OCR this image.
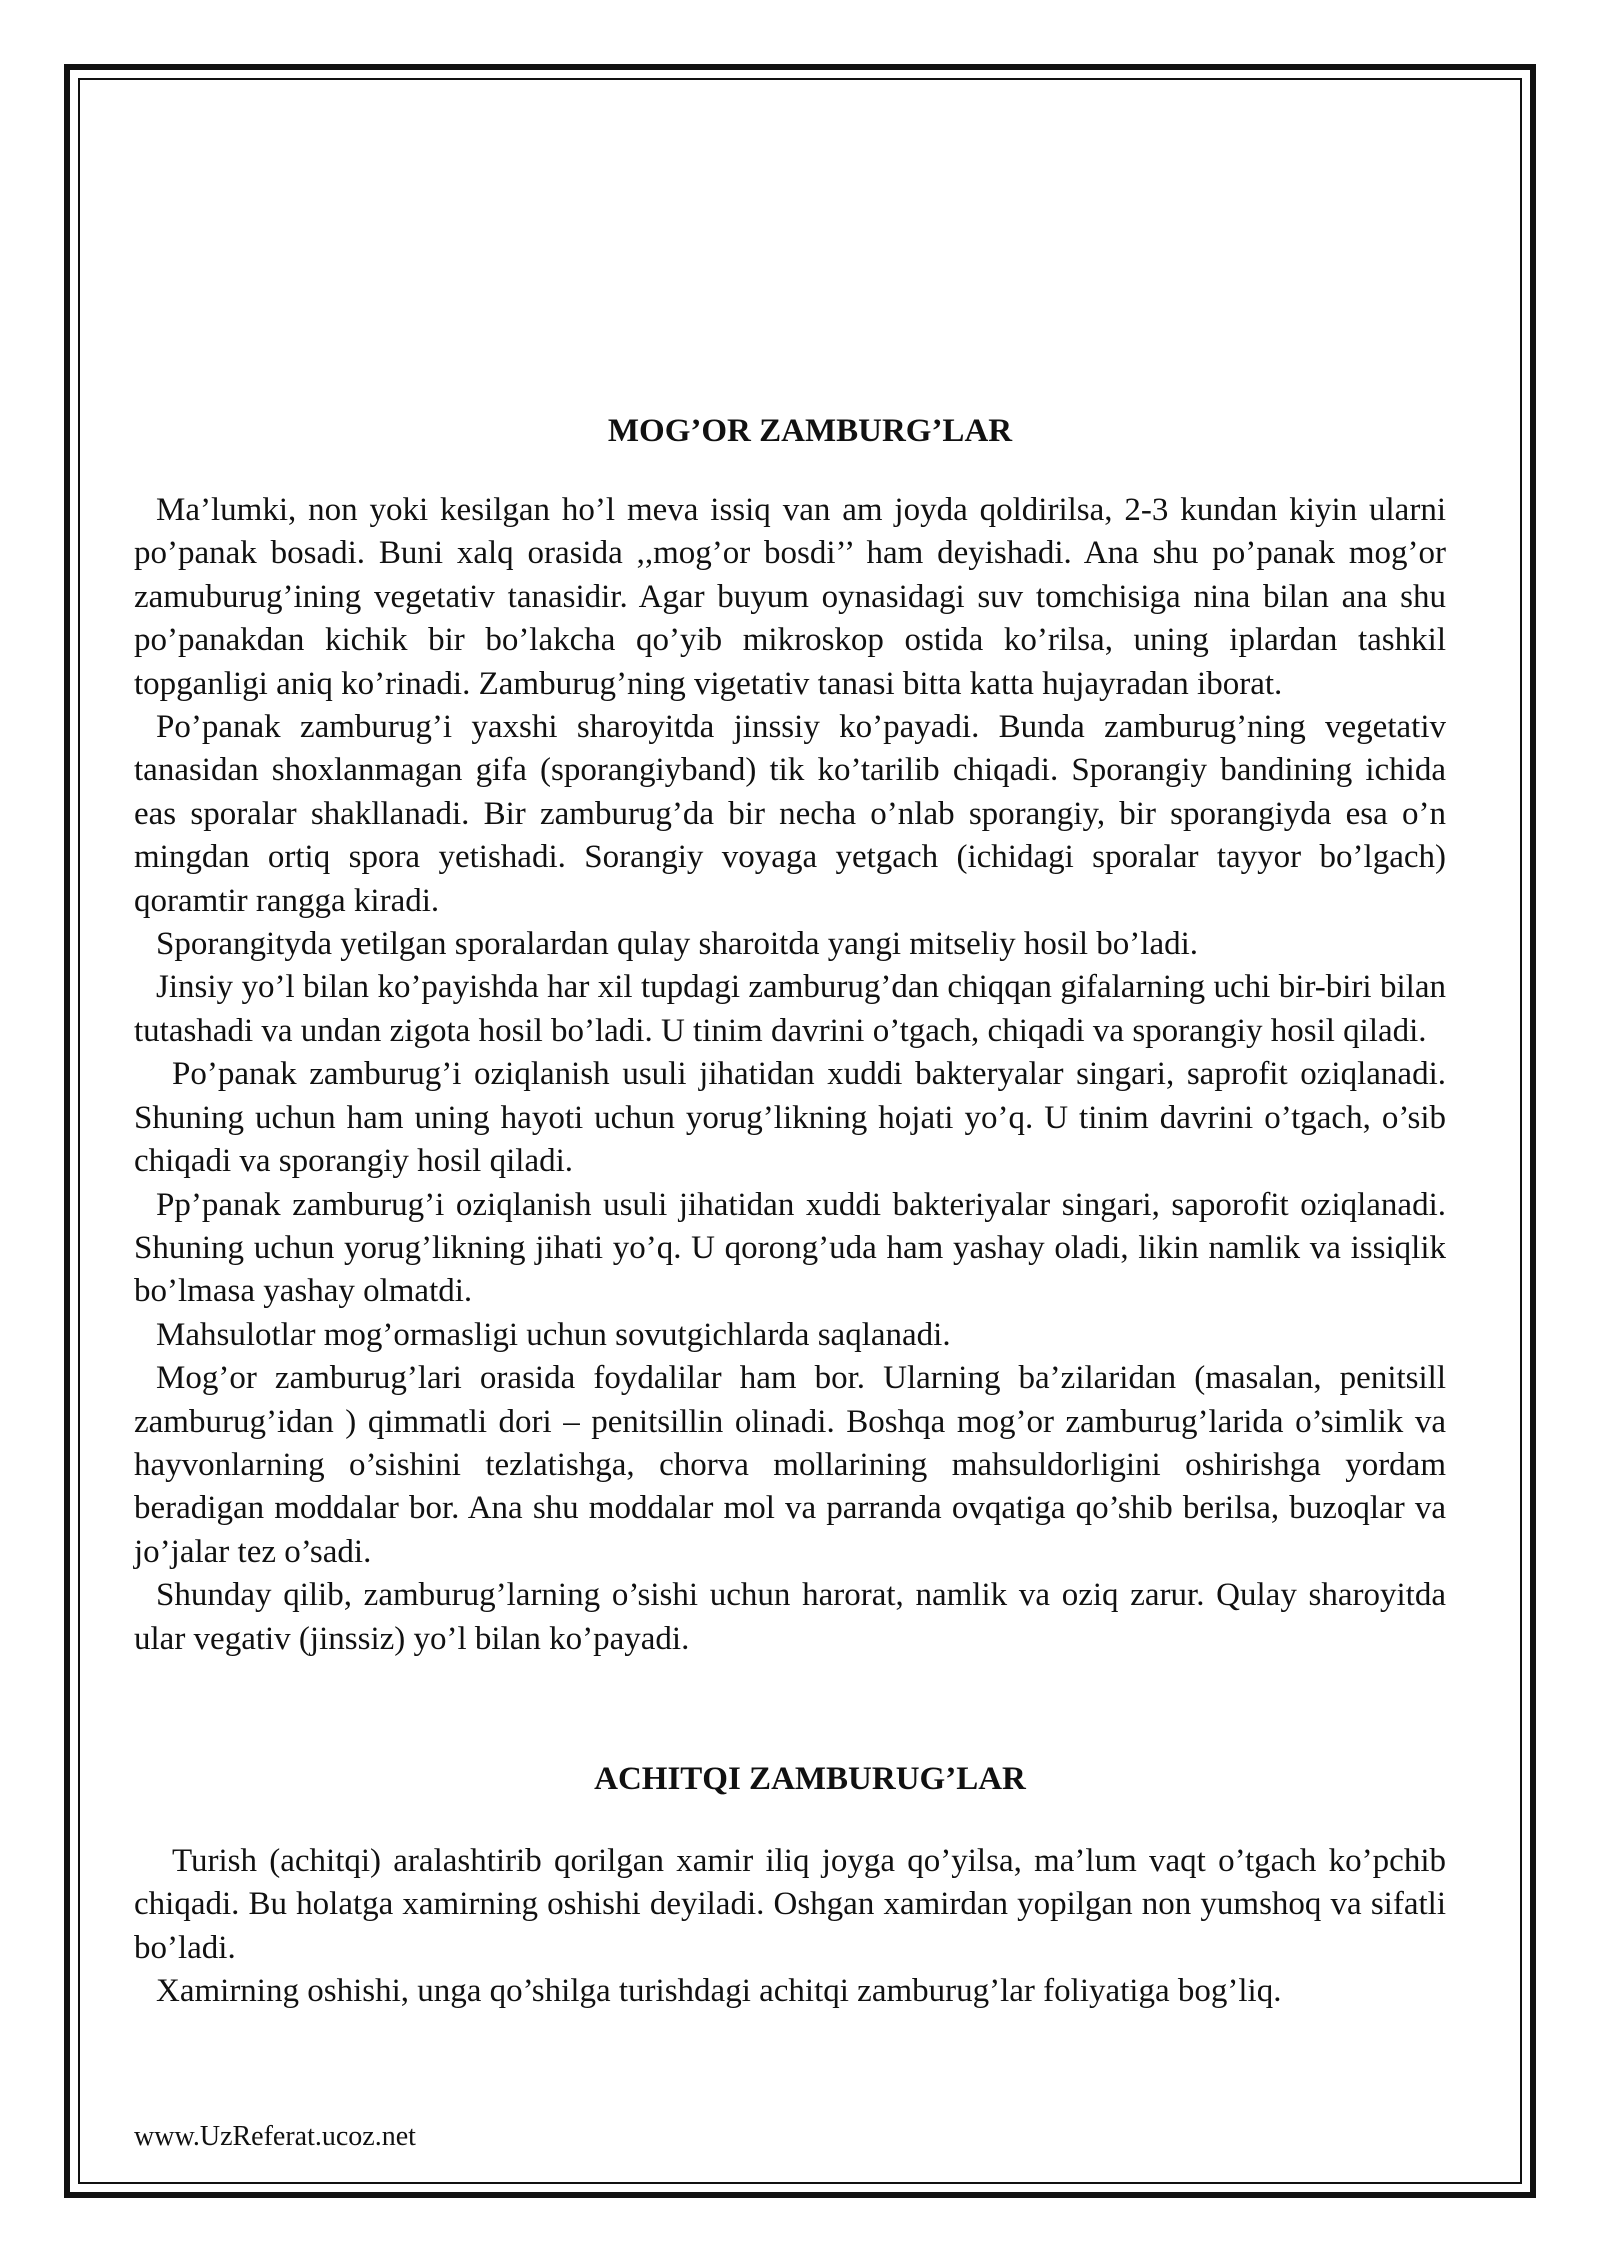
MOG’OR ZAMBURG’LAR

Ma’lumki, non yoki kesilgan ho’l meva issiq van am joyda qoldirilsa, 2-3 kundan kiyin ularni po’panak bosadi. Buni xalq orasida ,,mog’or bosdi’’ ham deyishadi. Ana shu po’panak mog’or zamuburug’ining vegetativ tanasidir. Agar buyum oynasidagi suv tomchisiga nina bilan ana shu po’panakdan kichik bir bo’lakcha qo’yib mikroskop ostida ko’rilsa, uning iplardan tashkil topganligi aniq ko’rinadi. Zamburug’ning vigetativ tanasi bitta katta hujayradan iborat.

Po’panak zamburug’i yaxshi sharoyitda jinssiy ko’payadi. Bunda zamburug’ning vegetativ tanasidan shoxlanmagan gifa (sporangiyband) tik ko’tarilib chiqadi. Sporangiy bandining ichida eas sporalar shakllanadi. Bir zamburug’da bir necha o’nlab sporangiy, bir sporangiyda esa o’n mingdan ortiq spora yetishadi. Sorangiy voyaga yetgach (ichidagi sporalar tayyor bo’lgach) qoramtir rangga kiradi.

Sporangityda yetilgan sporalardan qulay sharoitda yangi mitseliy hosil bo’ladi.

Jinsiy yo’l bilan ko’payishda har xil tupdagi zamburug’dan chiqqan gifalarning uchi bir-biri bilan tutashadi va undan zigota hosil bo’ladi. U tinim davrini o’tgach, chiqadi va sporangiy hosil qiladi.

Po’panak zamburug’i oziqlanish usuli jihatidan xuddi bakteryalar singari, saprofit oziqlanadi. Shuning uchun ham uning hayoti uchun yorug’likning hojati yo’q. U tinim davrini o’tgach, o’sib chiqadi va sporangiy hosil qiladi.

Pp’panak zamburug’i oziqlanish usuli jihatidan xuddi bakteriyalar singari, saporofit oziqlanadi. Shuning uchun yorug’likning jihati yo’q. U qorong’uda ham yashay oladi, likin namlik va issiqlik bo’lmasa yashay olmatdi.

Mahsulotlar mog’ormasligi uchun sovutgichlarda saqlanadi.

Mog’or zamburug’lari orasida foydalilar ham bor. Ularning ba’zilaridan (masalan, penitsill zamburug’idan ) qimmatli dori – penitsillin olinadi. Boshqa mog’or zamburug’larida o’simlik va hayvonlarning o’sishini tezlatishga, chorva mollarining mahsuldorligini oshirishga yordam beradigan moddalar bor. Ana shu moddalar mol va parranda ovqatiga qo’shib berilsa, buzoqlar va jo’jalar tez o’sadi.

Shunday qilib, zamburug’larning o’sishi uchun harorat, namlik va oziq zarur. Qulay sharoyitda ular vegativ (jinssiz) yo’l bilan ko’payadi.

ACHITQI ZAMBURUG’LAR

Turish (achitqi) aralashtirib qorilgan xamir iliq joyga qo’yilsa, ma’lum vaqt o’tgach ko’pchib chiqadi. Bu holatga xamirning oshishi deyiladi. Oshgan xamirdan yopilgan non yumshoq va sifatli bo’ladi.

Xamirning oshishi, unga qo’shilga turishdagi achitqi zamburug’lar foliyatiga bog’liq.

www.UzReferat.ucoz.net
